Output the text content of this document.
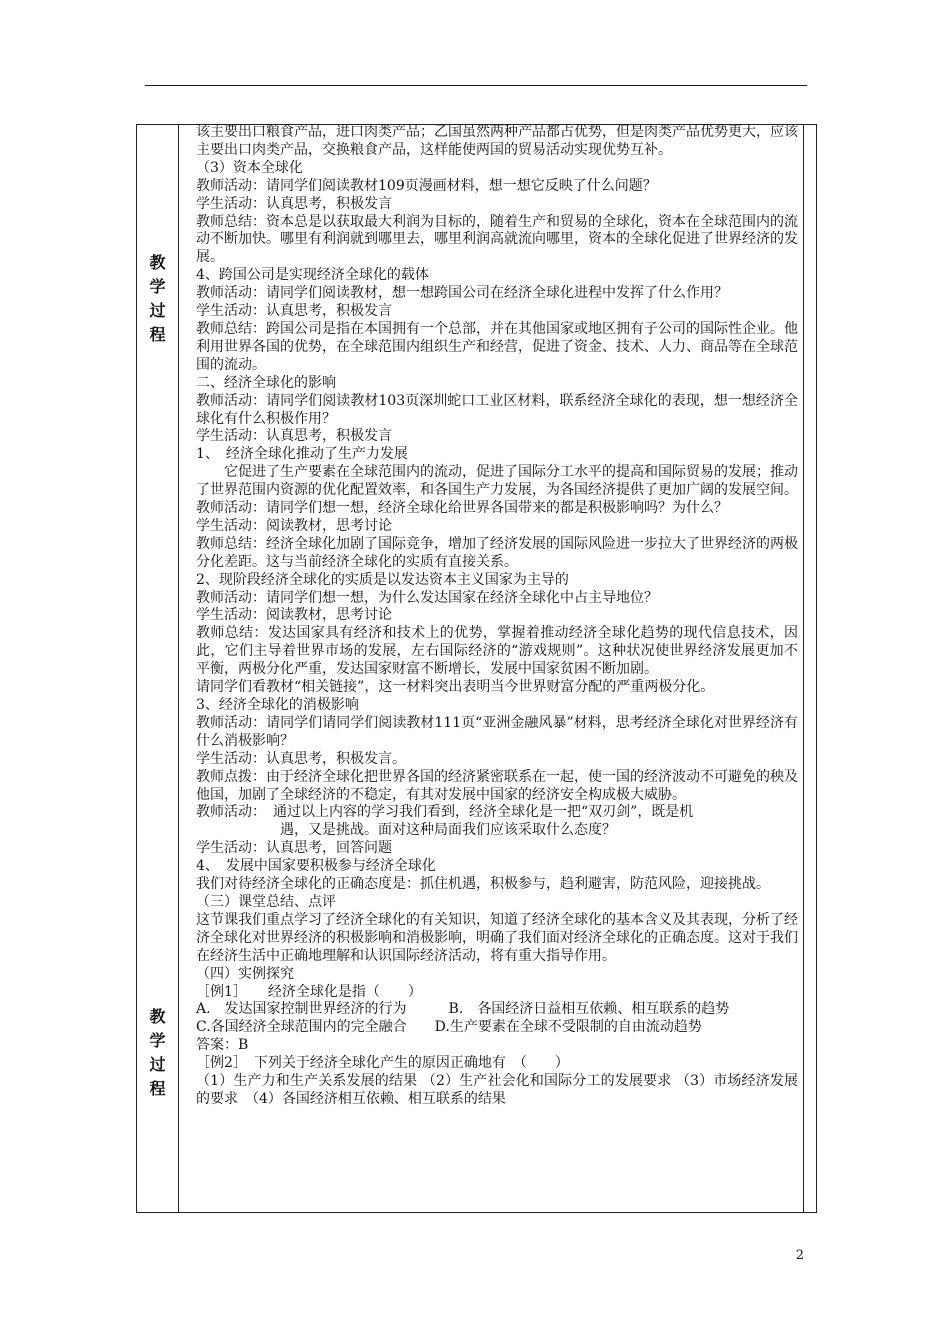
教
学
过
程
教
学
过
程

该主要出口粮食产品，进口肉类产品；乙国虽然两种产品都占优势，但是肉类产品优势更大，应该主要出口肉类产品，交换粮食产品，这样能使两国的贸易活动实现优势互补。

（3）资本全球化

教师活动：请同学们阅读教材109页漫画材料，想一想它反映了什么问题？

学生活动：认真思考，积极发言

教师总结：资本总是以获取最大利润为目标的，随着生产和贸易的全球化，资本在全球范围内的流动不断加快。哪里有利润就到哪里去，哪里利润高就流向哪里，资本的全球化促进了世界经济的发展。

4、跨国公司是实现经济全球化的载体

教师活动：请同学们阅读教材，想一想跨国公司在经济全球化进程中发挥了什么作用？

学生活动：认真思考，积极发言

教师总结：跨国公司是指在本国拥有一个总部，并在其他国家或地区拥有子公司的国际性企业。他利用世界各国的优势，在全球范围内组织生产和经营，促进了资金、技术、人力、商品等在全球范围的流动。

二、经济全球化的影响

教师活动：请同学们阅读教材103页深圳蛇口工业区材料，联系经济全球化的表现，想一想经济全球化有什么积极作用？

学生活动：认真思考，积极发言

1、　经济全球化推动了生产力发展

　　它促进了生产要素在全球范围内的流动，促进了国际分工水平的提高和国际贸易的发展；推动了世界范围内资源的优化配置效率，和各国生产力发展，为各国经济提供了更加广阔的发展空间。

教师活动：请同学们想一想，经济全球化给世界各国带来的都是积极影响吗？为什么？

学生活动：阅读教材，思考讨论

教师总结：经济全球化加剧了国际竞争，增加了经济发展的国际风险进一步拉大了世界经济的两极分化差距。这与当前经济全球化的实质有直接关系。

2、现阶段经济全球化的实质是以发达资本主义国家为主导的

教师活动：请同学们想一想，为什么发达国家在经济全球化中占主导地位？

学生活动：阅读教材，思考讨论

教师总结：发达国家具有经济和技术上的优势，掌握着推动经济全球化趋势的现代信息技术，因此，它们主导着世界市场的发展，左右国际经济的“游戏规则”。这种状况使世界经济发展更加不平衡，两极分化严重，发达国家财富不断增长，发展中国家贫困不断加剧。

请同学们看教材“相关链接”，这一材料突出表明当今世界财富分配的严重两极分化。

3、经济全球化的消极影响

教师活动：请同学们请同学们阅读教材111页“亚洲金融风暴”材料，思考经济全球化对世界经济有什么消极影响？

学生活动：认真思考，积极发言。

教师点拨：由于经济全球化把世界各国的经济紧密联系在一起，使一国的经济波动不可避免的秧及他国，加剧了全球经济的不稳定，有其对发展中国家的经济安全构成极大威胁。

教师活动：　通过以上内容的学习我们看到，经济全球化是一把“双刃剑”，既是机

　　　　　　遇，又是挑战。面对这种局面我们应该采取什么态度？

学生活动：认真思考，回答问题

4、　发展中国家要积极参与经济全球化

我们对待经济全球化的正确态度是：抓住机遇，积极参与，趋利避害，防范风险，迎接挑战。

（三）课堂总结、点评

这节课我们重点学习了经济全球化的有关知识，知道了经济全球化的基本含义及其表现，分析了经济全球化对世界经济的积极影响和消极影响，明确了我们面对经济全球化的正确态度。这对于我们在经济生活中正确地理解和认识国际经济活动，将有重大指导作用。

（四）实例探究

［例1］　　经济全球化是指（　　）

A.　发达国家控制世界经济的行为　　　B.　各国经济日益相互依赖、相互联系的趋势

C.各国经济全球范围内的完全融合　　D.生产要素在全球不受限制的自由流动趋势

答案：B

［例2］　下列关于经济全球化产生的原因正确地有　（　　）

（1）生产力和生产关系发展的结果 （2）生产社会化和国际分工的发展要求 （3）市场经济发展的要求　（4）各国经济相互依赖、相互联系的结果

2
